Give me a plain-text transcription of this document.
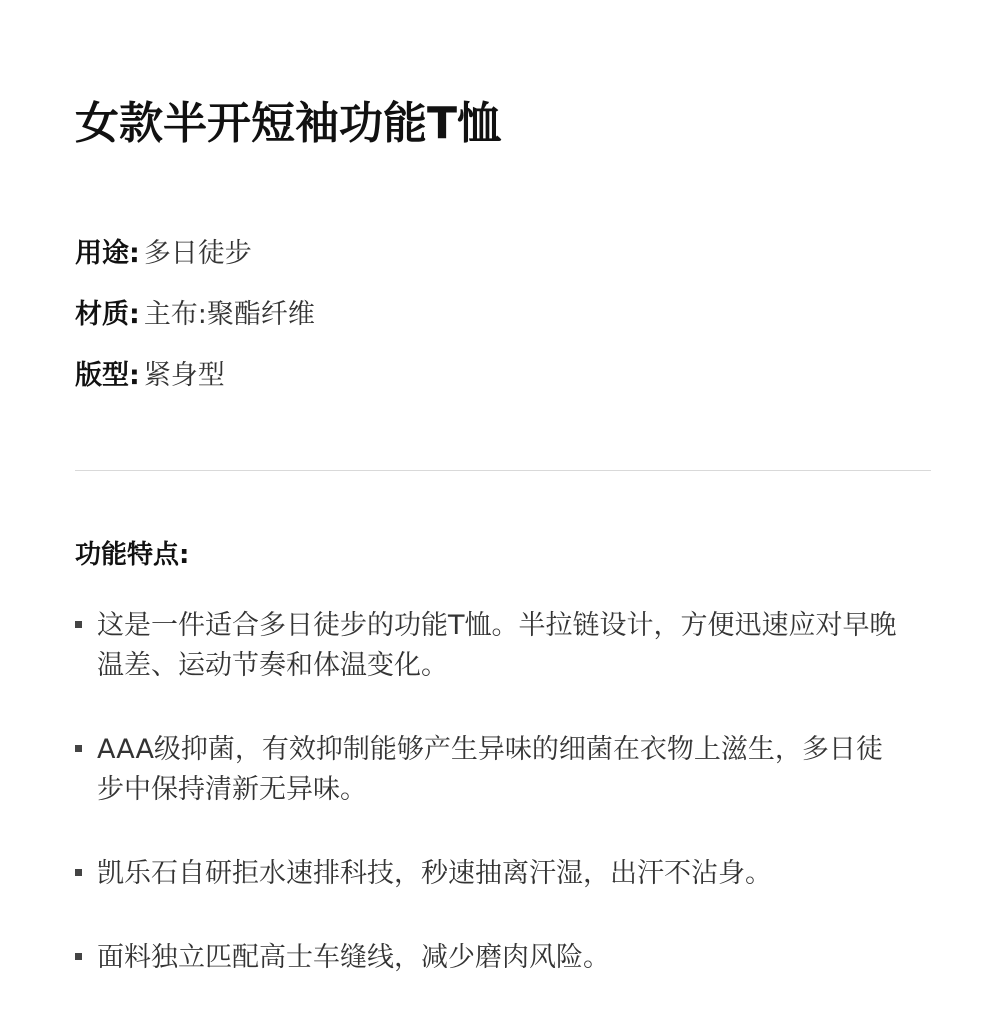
女款半开短袖功能T恤
用途: 多日徒步
材质: 主布:聚酯纤维
版型: 紧身型
功能特点:
这是一件适合多日徒步的功能T恤。半拉链设计，方便迅速应对早晚温差、运动节奏和体温变化。
AAA级抑菌，有效抑制能够产生异味的细菌在衣物上滋生，多日徒步中保持清新无异味。
凯乐石自研拒水速排科技，秒速抽离汗湿，出汗不沾身。
面料独立匹配高士车缝线，减少磨肉风险。
